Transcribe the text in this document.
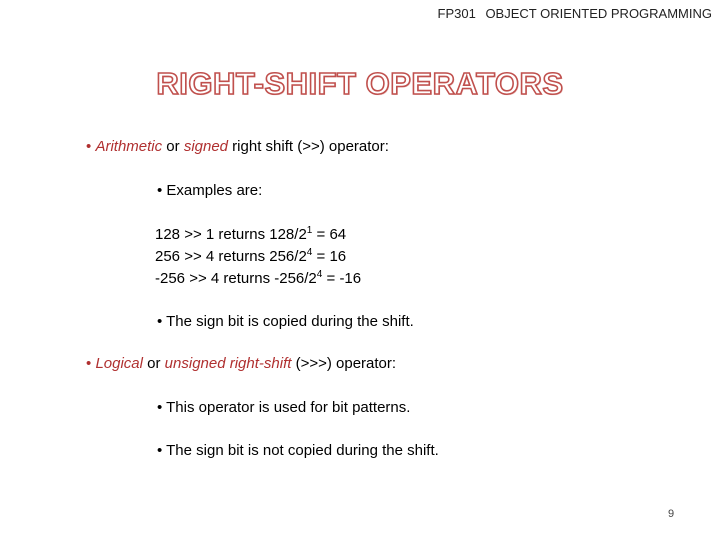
FP301 OBJECT ORIENTED PROGRAMMING
RIGHT-SHIFT OPERATORS
• Arithmetic or signed right shift (>>) operator:
• Examples are:
128 >> 1 returns $128/2^1 = 64$
256 >> 4 returns $256/2^4 = 16$
-256 >> 4 returns $-256/2^4 = -16$
• The sign bit is copied during the shift.
• Logical or unsigned right-shift (>>>) operator:
• This operator is used for bit patterns.
• The sign bit is not copied during the shift.
9
